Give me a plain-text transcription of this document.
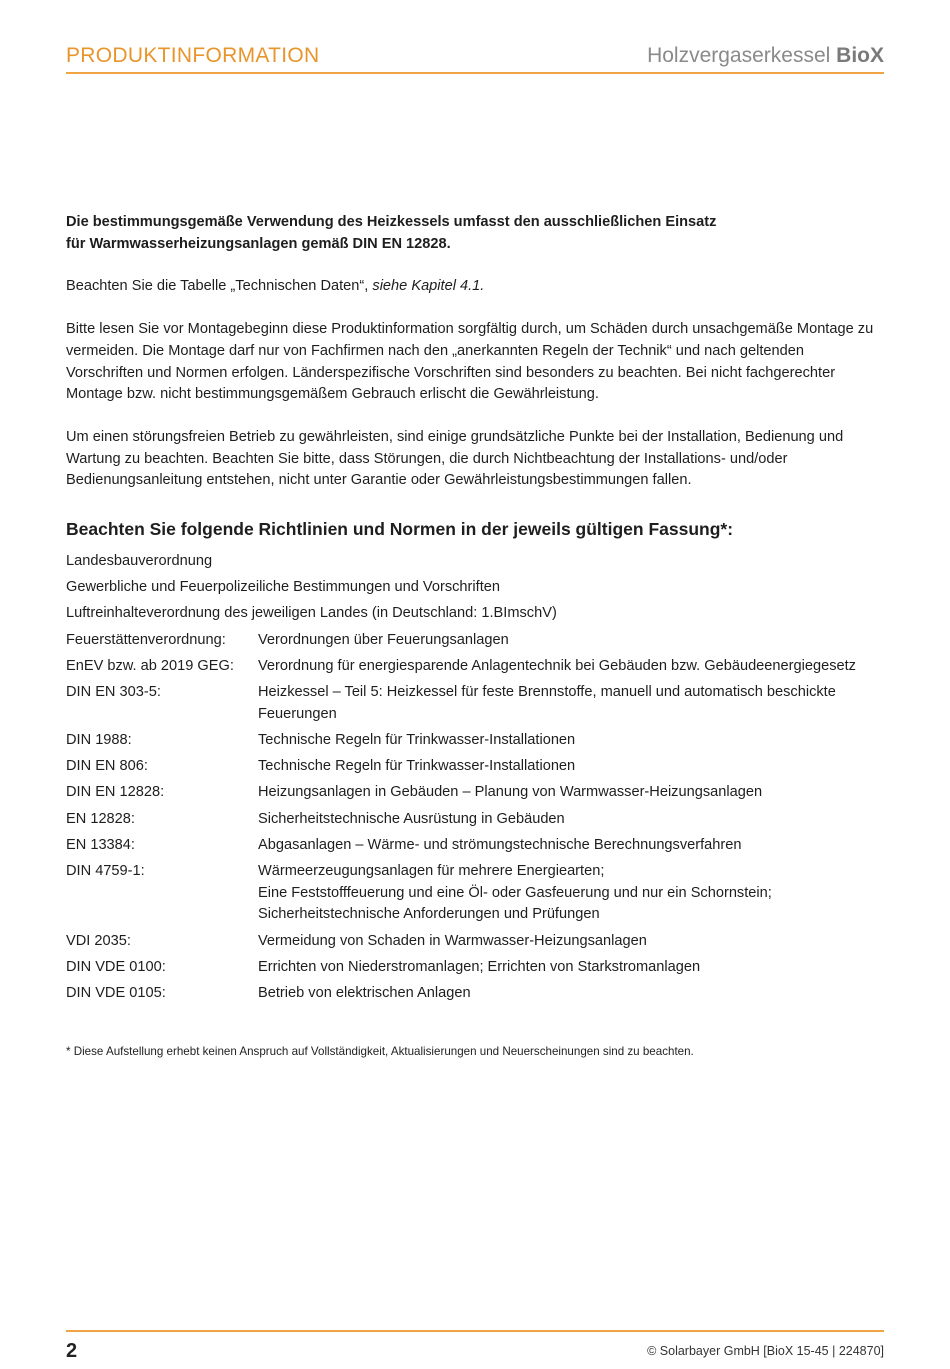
PRODUKTINFORMATION	Holzvergaserkessel BioX

Die bestimmungsgemäße Verwendung des Heizkessels umfasst den ausschließlichen Einsatz
für Warmwasserheizungsanlagen gemäß DIN EN 12828.

Beachten Sie die Tabelle „Technischen Daten“, siehe Kapitel 4.1.

Bitte lesen Sie vor Montagebeginn diese Produktinformation sorgfältig durch, um Schäden durch unsachgemäße Montage zu vermeiden. Die Montage darf nur von Fachfirmen nach den „anerkannten Regeln der Technik“ und nach geltenden Vorschriften und Normen erfolgen. Länderspezifische Vorschriften sind besonders zu beachten. Bei nicht fachgerechter Montage bzw. nicht bestimmungsgemäßem Gebrauch erlischt die Gewährleistung.

Um einen störungsfreien Betrieb zu gewährleisten, sind einige grundsätzliche Punkte bei der Installation, Bedienung und Wartung zu beachten. Beachten Sie bitte, dass Störungen, die durch Nichtbeachtung der Installations- und/oder Bedienungsanleitung entstehen, nicht unter Garantie oder Gewährleistungsbestimmungen fallen.

Beachten Sie folgende Richtlinien und Normen in der jeweils gültigen Fassung*:
Landesbauverordnung
Gewerbliche und Feuerpolizeiliche Bestimmungen und Vorschriften
Luftreinhalteverordnung des jeweiligen Landes (in Deutschland: 1.BImschV)
Feuerstättenverordnung:	Verordnungen über Feuerungsanlagen
EnEV bzw. ab 2019 GEG:	Verordnung für energiesparende Anlagentechnik bei Gebäuden bzw. Gebäudeenergiegesetz
DIN EN 303-5:	Heizkessel – Teil 5: Heizkessel für feste Brennstoffe, manuell und automatisch beschickte Feuerungen
DIN 1988:	Technische Regeln für Trinkwasser-Installationen
DIN EN 806:	Technische Regeln für Trinkwasser-Installationen
DIN EN 12828:	Heizungsanlagen in Gebäuden – Planung von Warmwasser-Heizungsanlagen
EN 12828:	Sicherheitstechnische Ausrüstung in Gebäuden
EN 13384:	Abgasanlagen – Wärme- und strömungstechnische Berechnungsverfahren
DIN 4759-1:	Wärmeerzeugungsanlagen für mehrere Energiearten;
Eine Feststofffeuerung und eine Öl- oder Gasfeuerung und nur ein Schornstein;
Sicherheitstechnische Anforderungen und Prüfungen
VDI 2035:	Vermeidung von Schaden in Warmwasser-Heizungsanlagen
DIN VDE 0100:	Errichten von Niederstromanlagen; Errichten von Starkstromanlagen
DIN VDE 0105:	Betrieb von elektrischen Anlagen
* Diese Aufstellung erhebt keinen Anspruch auf Vollständigkeit, Aktualisierungen und Neuerscheinungen sind zu beachten.
2	© Solarbayer GmbH [BioX 15-45 | 224870]
